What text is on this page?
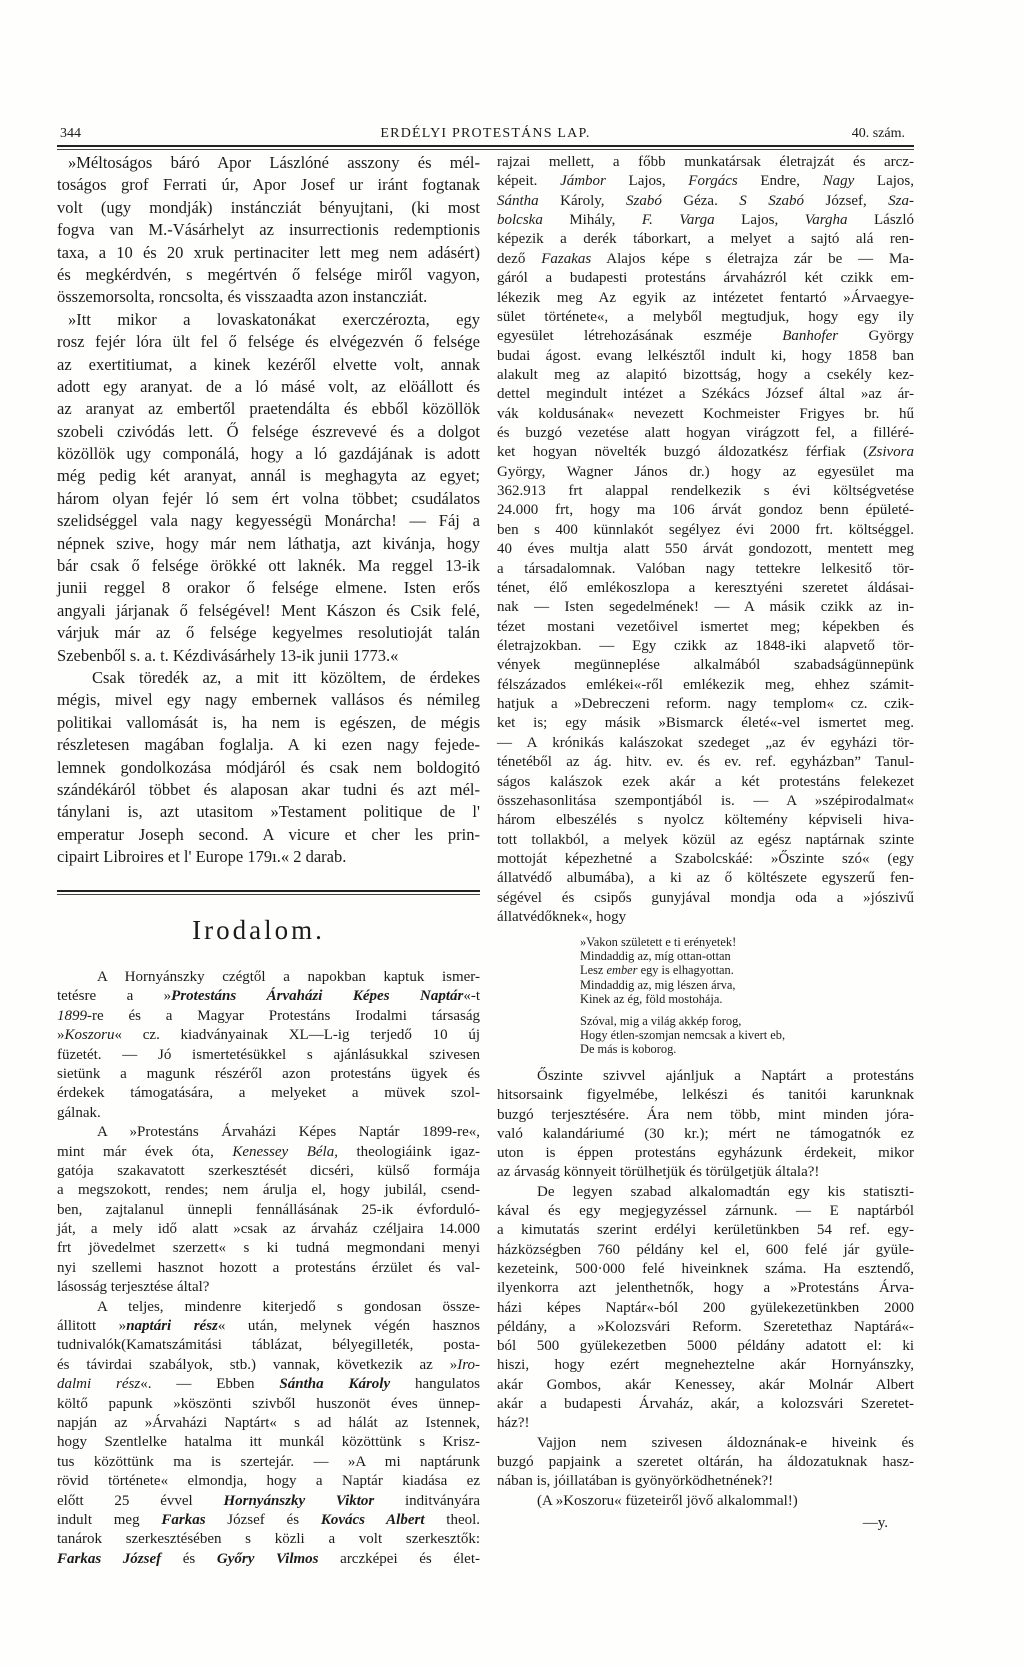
344	ERDÉLYI PROTESTÁNS LAP.	40. szám.
»Méltoságos báró Apor Lászlóné asszony és mél-
toságos grof Ferrati úr, Apor Josef ur iránt fogtanak
volt (ugy mondják) instáncziát bényujtani, (ki most
fogva van M.-Vásárhelyt az insurrectionis redemptionis
taxa, a 10 és 20 xruk pertinaciter lett meg nem adásért)
és megkérdvén, s megértvén ő felsége miről vagyon,
összemorsolta, roncsolta, és visszaadta azon instancziát.
»Itt mikor a lovaskatonákat exerczérozta, egy
rosz fejér lóra ült fel ő felsége és elvégezvén ő felsége
az exertitiumat, a kinek kezéről elvette volt, annak
adott egy aranyat. de a ló másé volt, az elöállott és
az aranyat az embertől praetendálta és ebből közöllök
szobeli czivódás lett. Ő felsége észrevevé és a dolgot
közöllök ugy componálá, hogy a ló gazdájának is adott
még pedig két aranyat, annál is meghagyta az egyet;
három olyan fejér ló sem ért volna többet; csudálatos
szelidséggel vala nagy kegyességü Monárcha! — Fáj a
népnek szive, hogy már nem láthatja, azt kivánja, hogy
bár csak ő felsége örökké ott laknék. Ma reggel 13-ik
junii reggel 8 orakor ő felsége elmene. Isten erős
angyali járjanak ő felségével! Ment Kászon és Csik felé,
várjuk már az ő felsége kegyelmes resolutioját talán
Szebenből s. a. t. Kézdivásárhely 13-ik junii 1773.«
Csak töredék az, a mit itt közöltem, de érdekes
mégis, mivel egy nagy embernek vallásos és némileg
politikai vallomását is, ha nem is egészen, de mégis
részletesen magában foglalja. A ki ezen nagy fejede-
lemnek gondolkozása módjáról és csak nem boldogitó
szándékáról többet és alaposan akar tudni és azt mél-
tánylani is, azt utasitom »Testament politique de l'
emperatur Joseph second. A vicure et cher les prin-
cipairt Libroires et l' Europe 179ı.« 2 darab.
Irodalom.
A Hornyánszky czégtől a napokban kaptuk ismer-
tetésre a »Protestáns Árvaházi Képes Naptár«-t
1899-re és a Magyar Protestáns Irodalmi társaság
»Koszoru« cz. kiadványainak XL—L-ig terjedő 10 új
füzetét. — Jó ismertetésükkel s ajánlásukkal szivesen
sietünk a magunk részéről azon protestáns ügyek és
érdekek támogatására, a melyeket a müvek szol-
gálnak.
A »Protestáns Árvaházi Képes Naptár 1899-re«,
mint már évek óta, Kenessey Béla, theologiáink igaz-
gatója szakavatott szerkesztését dicséri, külső formája
a megszokott, rendes; nem árulja el, hogy jubilál, csend-
ben, zajtalanul ünnepli fennállásának 25-ik évforduló-
ját, a mely idő alatt »csak az árvaház czéljaira 14.000
frt jövedelmet szerzett« s ki tudná megmondani menyi
nyi szellemi hasznot hozott a protestáns érzület és val-
lásosság terjesztése által?
A teljes, mindenre kiterjedő s gondosan össze-
állitott »naptári rész« után, melynek végén hasznos
tudnivalók(Kamatszámitási táblázat, bélyegilleték, posta-
és távirdai szabályok, stb.) vannak, következik az »Iro-
dalmi rész«. — Ebben Sántha Károly hangulatos
költő papunk »köszönti szivből huszonöt éves ünnep-
napján az »Árvaházi Naptárt« s ad hálát az Istennek,
hogy Szentlelke hatalma itt munkál közöttünk s Krisz-
tus közöttünk ma is szertejár. — »A mi naptárunk
rövid története« elmondja, hogy a Naptár kiadása ez
előtt 25 évvel Hornyánszky Viktor inditványára
indult meg Farkas József és Kovács Albert theol.
tanárok szerkesztésében s közli a volt szerkesztők:
Farkas József és Győry Vilmos arczképei és élet-
rajzai mellett, a főbb munkatársak életrajzát és arcz-
képeit. Jámbor Lajos, Forgács Endre, Nagy Lajos,
Sántha Károly, Szabó Géza. S Szabó József, Sza-
bolcska Mihály, F. Varga Lajos, Vargha László
képezik a derék táborkart, a melyet a sajtó alá ren-
dező Fazakas Alajos képe s életrajza zár be — Ma-
gáról a budapesti protestáns árvaházról két czikk em-
lékezik meg Az egyik az intézetet fentartó »Árvaegye-
sület története«, a melyből megtudjuk, hogy egy ily
egyesület létrehozásának eszméje Banhofer György
budai ágost. evang lelkésztől indult ki, hogy 1858 ban
alakult meg az alapitó bizottság, hogy a csekély kez-
dettel megindult intézet a Székács József által »az ár-
vák koldusának« nevezett Kochmeister Frigyes br. hű
és buzgó vezetése alatt hogyan virágzott fel, a filléré-
ket hogyan növelték buzgó áldozatkész férfiak (Zsivora
György, Wagner János dr.) hogy az egyesület ma
362.913 frt alappal rendelkezik s évi költségvetése
24.000 frt, hogy ma 106 árvát gondoz benn épületé-
ben s 400 künnlakót segélyez évi 2000 frt. költséggel.
40 éves multja alatt 550 árvát gondozott, mentett meg
a társadalomnak. Valóban nagy tettekre lelkesitő tör-
ténet, élő emlékoszlopa a keresztyéni szeretet áldásai-
nak — Isten segedelmének! — A másik czikk az in-
tézet mostani vezetőivel ismertet meg; képekben és
életrajzokban. — Egy czikk az 1848-iki alapvető tör-
vények megünneplése alkalmából szabadságünnepünk
félszázados emlékei«-ről emlékezik meg, ehhez számit-
hatjuk a »Debreczeni reform. nagy templom« cz. czik-
ket is; egy másik »Bismarck életé«-vel ismertet meg.
— A krónikás kalászokat szedeget „az év egyházi tör-
ténetéből az ág. hitv. ev. és ev. ref. egyházban” Tanul-
ságos kalászok ezek akár a két protestáns felekezet
összehasonlitása szempontjából is. — A »szépirodalmat«
három elbeszélés s nyolcz költemény képviseli hiva-
tott tollakból, a melyek közül az egész naptárnak szinte
mottoját képezhetné a Szabolcskáé: »Őszinte szó« (egy
állatvédő albumába), a ki az ő költészete egyszerű fen-
ségével és csipős gunyjával mondja oda a »jószivű
állatvédőknek«, hogy
»Vakon született e ti erényetek!
Mindaddig az, míg ottan-ottan
Lesz ember egy is elhagyottan.
Mindaddig az, mig lészen árva,
Kinek az ég, föld mostohája.
Szóval, mig a világ akkép forog,
Hogy étlen-szomjan nemcsak a kivert eb,
De más is koborog.
Őszinte szivvel ajánljuk a Naptárt a protestáns
hitsorsaink figyelmébe, lelkészi és tanitói karunknak
buzgó terjesztésére. Ára nem több, mint minden jóra-
való kalandáriumé (30 kr.); mért ne támogatnók ez
uton is éppen protestáns egyházunk érdekeit, mikor
az árvaság könnyeit törülhetjük és törülgetjük általa?!
De legyen szabad alkalomadtán egy kis statiszti-
kával és egy megjegyzéssel zárnunk. — E naptárból
a kimutatás szerint erdélyi kerületünkben 54 ref. egy-
házközségben 760 példány kel el, 600 felé jár gyüle-
kezeteink, 500·000 felé hiveinknek száma. Ha esztendő,
ilyenkorra azt jelenthetnők, hogy a »Protestáns Árva-
házi képes Naptár«-ból 200 gyülekezetünkben 2000
példány, a »Kolozsvári Reform. Szeretethaz Naptárá«-
ból 500 gyülekezetben 5000 példány adatott el: ki
hiszi, hogy ezért megneheztelne akár Hornyánszky,
akár Gombos, akár Kenessey, akár Molnár Albert
akár a budapesti Árvaház, akár, a kolozsvári Szeretet-
ház?!
Vajjon nem szivesen áldoznának-e hiveink és
buzgó papjaink a szeretet oltárán, ha áldozatuknak hasz-
nában is, jóillatában is gyönyörködhetnének?!
(A »Koszoru« füzeteiről jövő alkalommal!)
—y.
